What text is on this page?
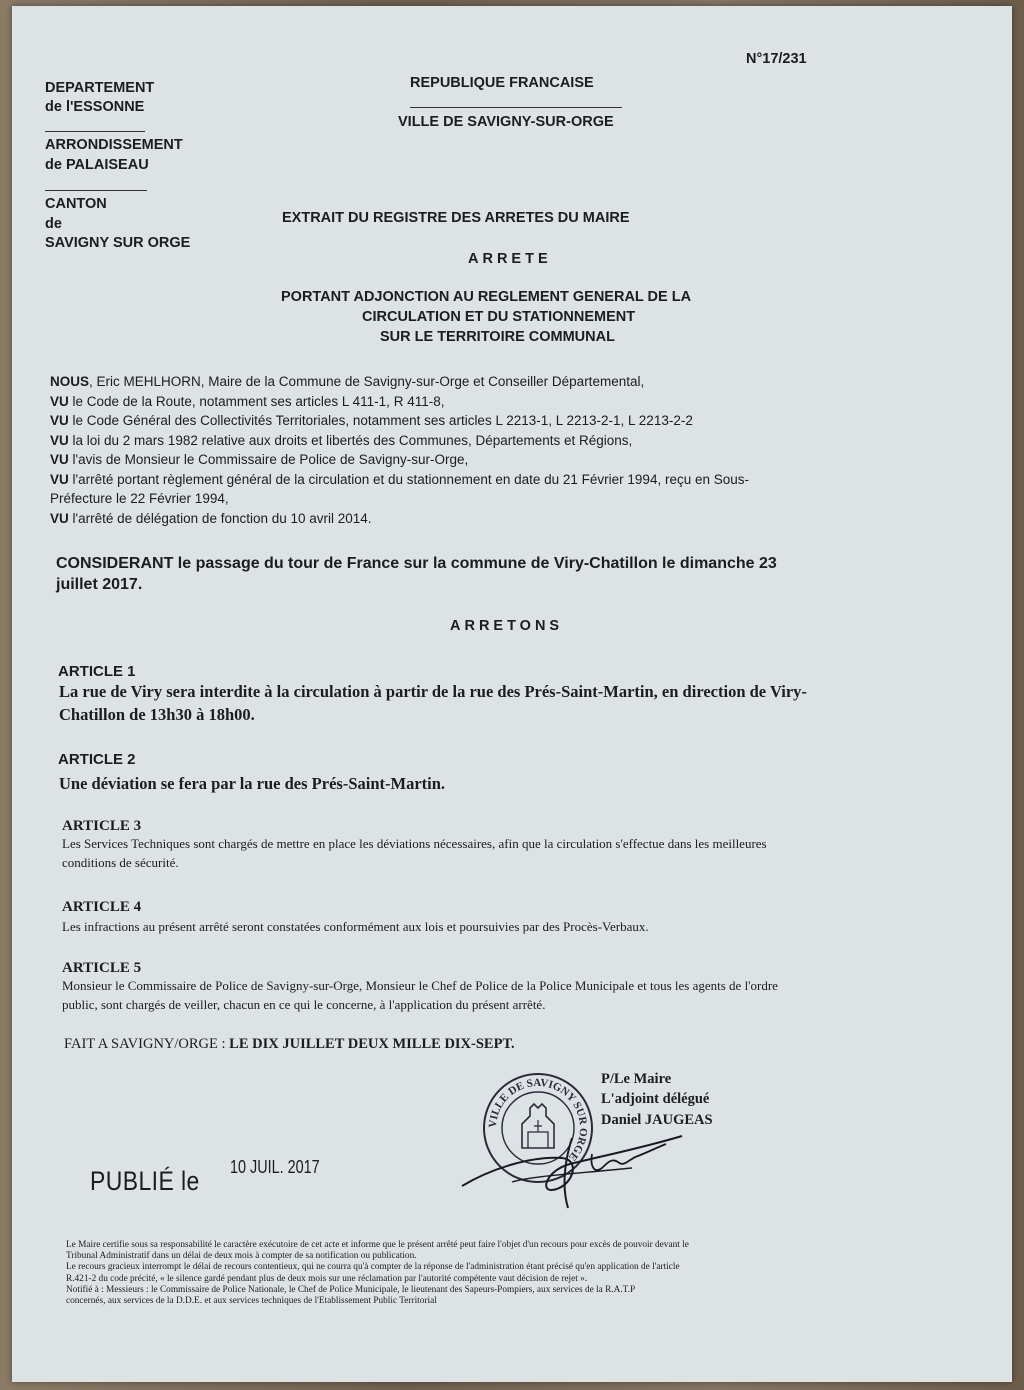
N°17/231
DEPARTEMENT
de l'ESSONNE
ARRONDISSEMENT
de PALAISEAU
CANTON
de
SAVIGNY SUR ORGE
REPUBLIQUE FRANCAISE
VILLE DE SAVIGNY-SUR-ORGE
EXTRAIT DU REGISTRE DES ARRETES DU MAIRE
ARRETE
PORTANT ADJONCTION AU REGLEMENT GENERAL DE LA
CIRCULATION ET DU STATIONNEMENT
SUR LE TERRITOIRE COMMUNAL
NOUS, Eric MEHLHORN, Maire de la Commune de Savigny-sur-Orge et Conseiller Départemental,
VU le Code de la Route, notamment ses articles L 411-1, R 411-8,
VU le Code Général des Collectivités Territoriales, notamment ses articles L 2213-1, L 2213-2-1, L 2213-2-2
VU la loi du 2 mars 1982 relative aux droits et libertés des Communes, Départements et Régions,
VU l'avis de Monsieur le Commissaire de Police de Savigny-sur-Orge,
VU l'arrêté portant règlement général de la circulation et du stationnement en date du 21 Février 1994, reçu en Sous-
Préfecture le 22 Février 1994,
VU l'arrêté de délégation de fonction du 10 avril 2014.
CONSIDERANT le passage du tour de France sur la commune de Viry-Chatillon le dimanche 23
juillet 2017.
ARRETONS
ARTICLE 1
La rue de Viry sera interdite à la circulation à partir de la rue des Prés-Saint-Martin, en direction de Viry-
Chatillon de 13h30 à 18h00.
ARTICLE 2
Une déviation se fera par la rue des Prés-Saint-Martin.
ARTICLE 3
Les Services Techniques sont chargés de mettre en place les déviations nécessaires, afin que la circulation s'effectue dans les meilleures
conditions de sécurité.
ARTICLE 4
Les infractions au présent arrêté seront constatées conformément aux lois et poursuivies par des Procès-Verbaux.
ARTICLE 5
Monsieur le Commissaire de Police de Savigny-sur-Orge, Monsieur le Chef de Police de la Police Municipale et tous les agents de l'ordre
public, sont chargés de veiller, chacun en ce qui le concerne, à l'application du présent arrêté.
FAIT A SAVIGNY/ORGE : LE DIX JUILLET DEUX MILLE DIX-SEPT.
P/Le Maire
L'adjoint délégué
Daniel JAUGEAS
VILLE DE SAVIGNY SUR ORGE
PUBLIÉ le 10 JUIL. 2017
Le Maire certifie sous sa responsabilité le caractère exécutoire de cet acte et informe que le présent arrêté peut faire l'objet d'un recours pour excès de pouvoir devant le
Tribunal Administratif dans un délai de deux mois à compter de sa notification ou publication.
Le recours gracieux interrompt le délai de recours contentieux, qui ne courra qu'à compter de la réponse de l'administration étant précisé qu'en application de l'article
R.421-2 du code précité, « le silence gardé pendant plus de deux mois sur une réclamation par l'autorité compétente vaut décision de rejet ».
Notifié à : Messieurs : le Commissaire de Police Nationale, le Chef de Police Municipale, le lieutenant des Sapeurs-Pompiers, aux services de la R.A.T.P
concernés, aux services de la D.D.E. et aux services techniques de l'Etablissement Public Territorial
